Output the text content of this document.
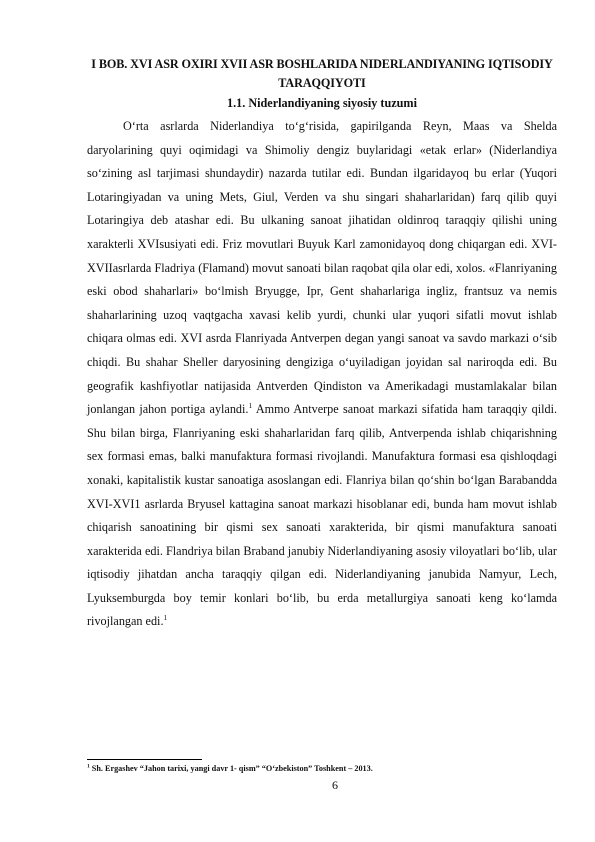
I BOB. XVI ASR OXIRI XVII ASR BOSHLARIDA NIDERLANDIYANING IQTISODIY TARAQQIYOTI
1.1. Niderlandiyaning siyosiy tuzumi

O‘rta asrlarda Niderlandiya to‘g‘risida, gapirilganda Reyn, Maas va Shelda daryolarining quyi oqimidagi va Shimoliy dengiz buylaridagi «etak erlar» (Niderlandiya so‘zining asl tarjimasi shundaydir) nazarda tutilar edi. Bundan ilgaridayoq bu erlar (Yuqori Lotaringiyadan va uning Mets, Giul, Verden va shu singari shaharlaridan) farq qilib quyi Lotaringiya deb atashar edi. Bu ulkaning sanoat jihatidan oldinroq taraqqiy qilishi uning xarakterli XVIsusiyati edi. Friz movutlari Buyuk Karl zamonidayoq dong chiqargan edi. XVI-XVIIasrlarda Fladriya (Flamand) movut sanoati bilan raqobat qila olar edi, xolos. «Flanriyaning eski obod shaharlari» bo‘lmish Bryugge, Ipr, Gent shaharlariga ingliz, frantsuz va nemis shaharlarining uzoq vaqtgacha xavasi kelib yurdi, chunki ular yuqori sifatli movut ishlab chiqara olmas edi. XVI asrda Flanriyada Antverpen degan yangi sanoat va savdo markazi o‘sib chiqdi. Bu shahar Sheller daryosining dengiziga o‘uyiladigan joyidan sal nariroqda edi. Bu geografik kashfiyotlar natijasida Antverden Qindiston va Amerikadagi mustamlakalar bilan jonlangan jahon portiga aylandi.$^1$ Ammo Antverpe sanoat markazi sifatida ham taraqqiy qildi. Shu bilan birga, Flanriyaning eski shaharlaridan farq qilib, Antverpenda ishlab chiqarishning sex formasi emas, balki manufaktura formasi rivojlandi. Manufaktura formasi esa qishloqdagi xonaki, kapitalistik kustar sanoatiga asoslangan edi. Flanriya bilan qo‘shin bo‘lgan Barabandda XVI-XVI1 asrlarda Bryusel kattagina sanoat markazi hisoblanar edi, bunda ham movut ishlab chiqarish sanoatining bir qismi sex sanoati xarakterida, bir qismi manufaktura sanoati xarakterida edi. Flandriya bilan Braband janubiy Niderlandiyaning asosiy viloyatlari bo‘lib, ular iqtisodiy jihatdan ancha taraqqiy qilgan edi. Niderlandiyaning janubida Namyur, Lech, Lyuksemburgda boy temir konlari bo‘lib, bu erda metallurgiya sanoati keng ko‘lamda rivojlangan edi.$^1$

$^1$ Sh. Ergashev “Jahon tarixi, yangi davr 1- qism” “O‘zbekiston” Toshkent – 2013.
6
